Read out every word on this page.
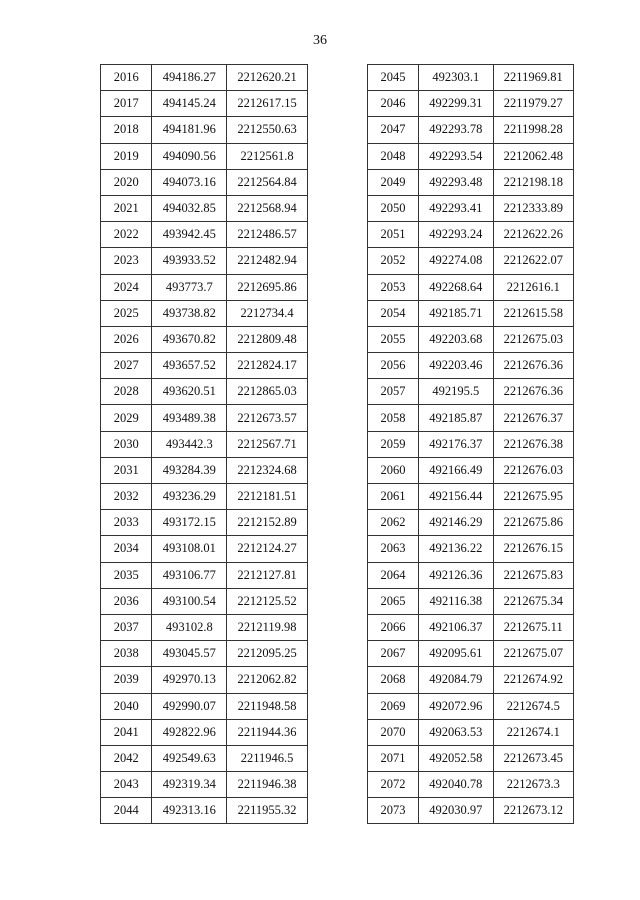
36
2016	494186.27	2212620.21
2017	494145.24	2212617.15
2018	494181.96	2212550.63
2019	494090.56	2212561.8
2020	494073.16	2212564.84
2021	494032.85	2212568.94
2022	493942.45	2212486.57
2023	493933.52	2212482.94
2024	493773.7	2212695.86
2025	493738.82	2212734.4
2026	493670.82	2212809.48
2027	493657.52	2212824.17
2028	493620.51	2212865.03
2029	493489.38	2212673.57
2030	493442.3	2212567.71
2031	493284.39	2212324.68
2032	493236.29	2212181.51
2033	493172.15	2212152.89
2034	493108.01	2212124.27
2035	493106.77	2212127.81
2036	493100.54	2212125.52
2037	493102.8	2212119.98
2038	493045.57	2212095.25
2039	492970.13	2212062.82
2040	492990.07	2211948.58
2041	492822.96	2211944.36
2042	492549.63	2211946.5
2043	492319.34	2211946.38
2044	492313.16	2211955.32
2045	492303.1	2211969.81
2046	492299.31	2211979.27
2047	492293.78	2211998.28
2048	492293.54	2212062.48
2049	492293.48	2212198.18
2050	492293.41	2212333.89
2051	492293.24	2212622.26
2052	492274.08	2212622.07
2053	492268.64	2212616.1
2054	492185.71	2212615.58
2055	492203.68	2212675.03
2056	492203.46	2212676.36
2057	492195.5	2212676.36
2058	492185.87	2212676.37
2059	492176.37	2212676.38
2060	492166.49	2212676.03
2061	492156.44	2212675.95
2062	492146.29	2212675.86
2063	492136.22	2212676.15
2064	492126.36	2212675.83
2065	492116.38	2212675.34
2066	492106.37	2212675.11
2067	492095.61	2212675.07
2068	492084.79	2212674.92
2069	492072.96	2212674.5
2070	492063.53	2212674.1
2071	492052.58	2212673.45
2072	492040.78	2212673.3
2073	492030.97	2212673.12
